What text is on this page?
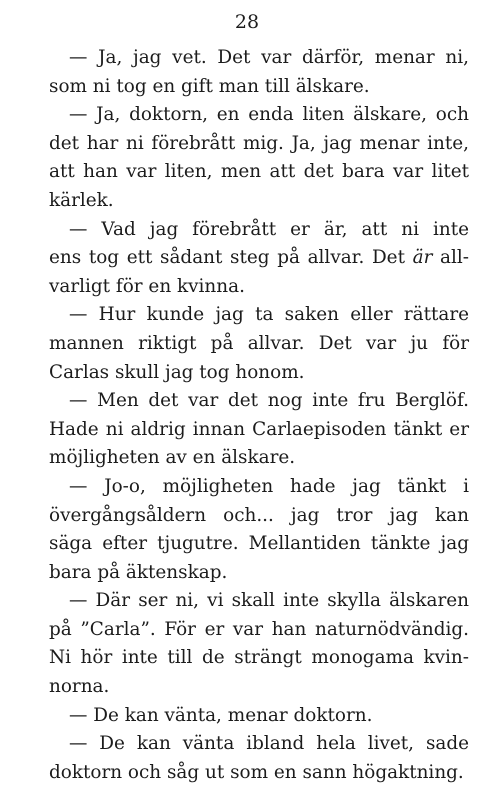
28
— Ja, jag vet. Det var därför, menar ni,
som ni tog en gift man till älskare.
— Ja, doktorn, en enda liten älskare, och
det har ni förebrått mig. Ja, jag menar inte,
att han var liten, men att det bara var litet
kärlek.
— Vad jag förebrått er är, att ni inte
ens tog ett sådant steg på allvar. Det är all-
varligt för en kvinna.
— Hur kunde jag ta saken eller rättare
mannen riktigt på allvar. Det var ju för
Carlas skull jag tog honom.
— Men det var det nog inte fru Berglöf.
Hade ni aldrig innan Carlaepisoden tänkt er
möjligheten av en älskare.
— Jo-o, möjligheten hade jag tänkt i
övergångsåldern och... jag tror jag kan
säga efter tjugutre. Mellantiden tänkte jag
bara på äktenskap.
— Där ser ni, vi skall inte skylla älskaren
på ”Carla”. För er var han naturnödvändig.
Ni hör inte till de strängt monogama kvin-
norna.
— De kan vänta, menar doktorn.
— De kan vänta ibland hela livet, sade
doktorn och såg ut som en sann högaktning.
